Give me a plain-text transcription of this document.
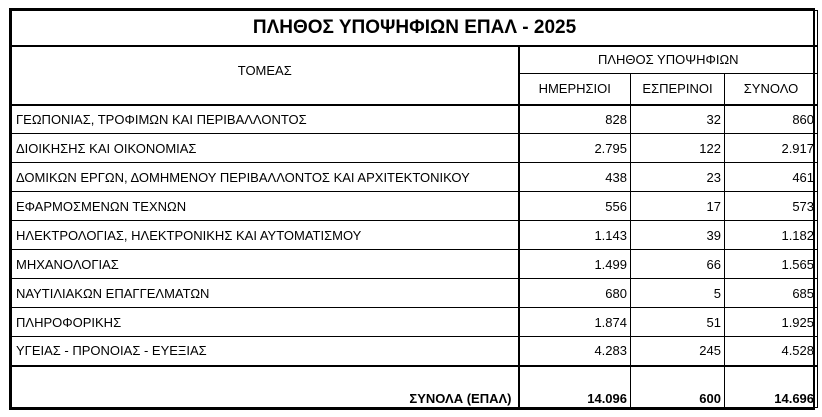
ΠΛΗΘΟΣ ΥΠΟΨΗΦΙΩΝ ΕΠΑΛ - 2025			
ΤΟΜΕΑΣ	ΠΛΗΘΟΣ ΥΠΟΨΗΦΙΩΝ		
	ΗΜΕΡΗΣΙΟΙ	ΕΣΠΕΡΙΝΟΙ	ΣΥΝΟΛΟ
ΓΕΩΠΟΝΙΑΣ, ΤΡΟΦΙΜΩΝ ΚΑΙ ΠΕΡΙΒΑΛΛΟΝΤΟΣ	828	32	860
ΔΙΟΙΚΗΣΗΣ ΚΑΙ ΟΙΚΟΝΟΜΙΑΣ	2.795	122	2.917
ΔΟΜΙΚΩΝ ΕΡΓΩΝ, ΔΟΜΗΜΕΝΟΥ ΠΕΡΙΒΑΛΛΟΝΤΟΣ ΚΑΙ ΑΡΧΙΤΕΚΤΟΝΙΚΟΥ	438	23	461
ΕΦΑΡΜΟΣΜΕΝΩΝ ΤΕΧΝΩΝ	556	17	573
ΗΛΕΚΤΡΟΛΟΓΙΑΣ, ΗΛΕΚΤΡΟΝΙΚΗΣ ΚΑΙ ΑΥΤΟΜΑΤΙΣΜΟΥ	1.143	39	1.182
ΜΗΧΑΝΟΛΟΓΙΑΣ	1.499	66	1.565
ΝΑΥΤΙΛΙΑΚΩΝ ΕΠΑΓΓΕΛΜΑΤΩΝ	680	5	685
ΠΛΗΡΟΦΟΡΙΚΗΣ	1.874	51	1.925
ΥΓΕΙΑΣ - ΠΡΟΝΟΙΑΣ - ΕΥΕΞΙΑΣ	4.283	245	4.528
ΣΥΝΟΛΑ (ΕΠΑΛ)	14.096	600	14.696
